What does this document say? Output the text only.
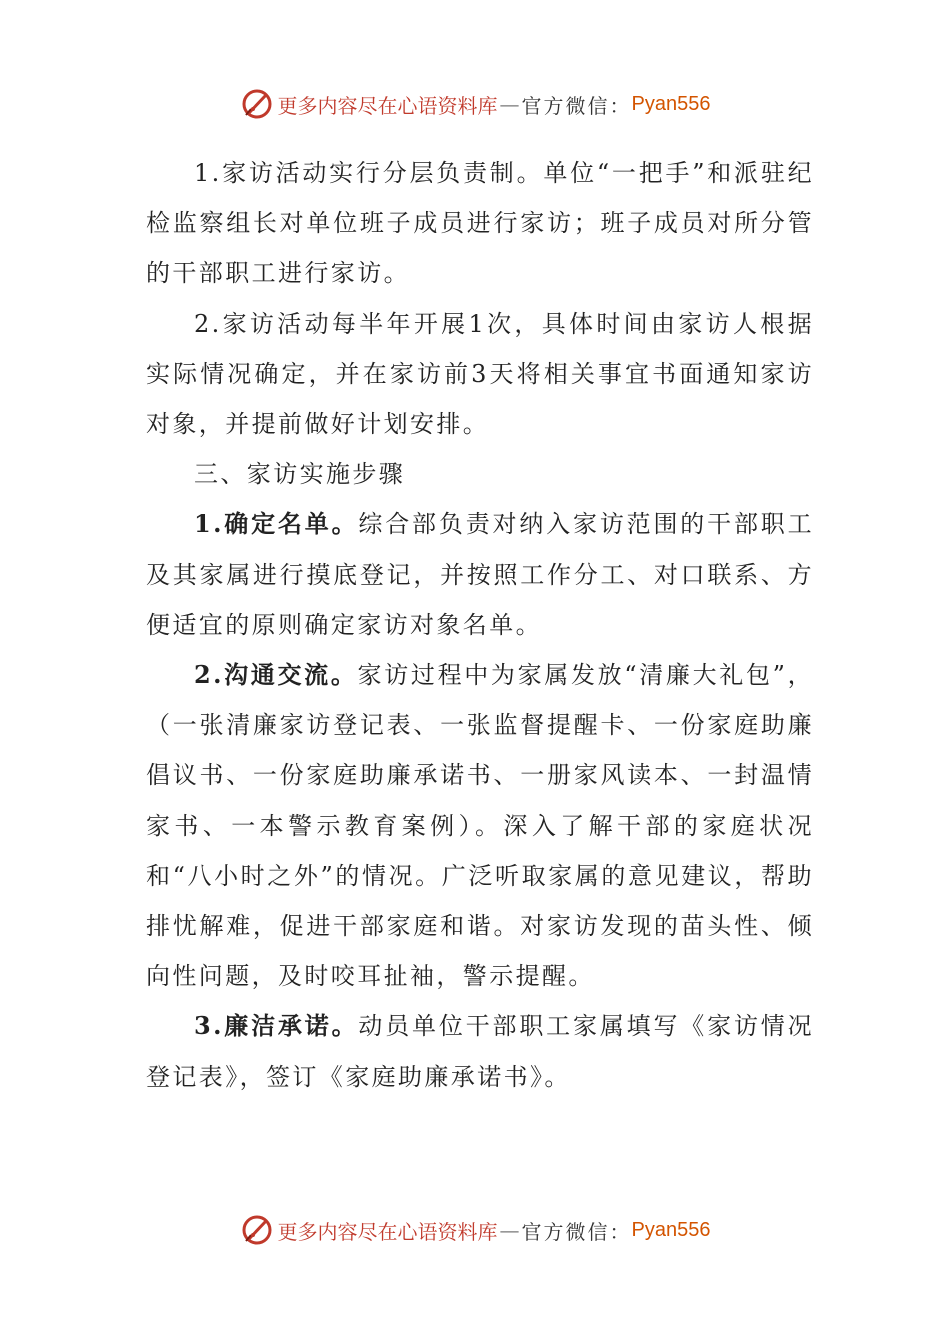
更多内容尽在心语资料库 — 官方微信： Pyan556

1.家访活动实行分层负责制。单位“一把手”和派驻纪检监察组长对单位班子成员进行家访；班子成员对所分管的干部职工进行家访。

2.家访活动每半年开展1次，具体时间由家访人根据实际情况确定，并在家访前3天将相关事宜书面通知家访对象，并提前做好计划安排。

三、家访实施步骤

1.确定名单。综合部负责对纳入家访范围的干部职工及其家属进行摸底登记，并按照工作分工、对口联系、方便适宜的原则确定家访对象名单。

2.沟通交流。家访过程中为家属发放“清廉大礼包”，（一张清廉家访登记表、一张监督提醒卡、一份家庭助廉倡议书、一份家庭助廉承诺书、一册家风读本、一封温情家书、一本警示教育案例）。深入了解干部的家庭状况和“八小时之外”的情况。广泛听取家属的意见建议，帮助排忧解难，促进干部家庭和谐。对家访发现的苗头性、倾向性问题，及时咬耳扯袖，警示提醒。

3.廉洁承诺。动员单位干部职工家属填写《家访情况登记表》，签订《家庭助廉承诺书》。

更多内容尽在心语资料库 — 官方微信： Pyan556
